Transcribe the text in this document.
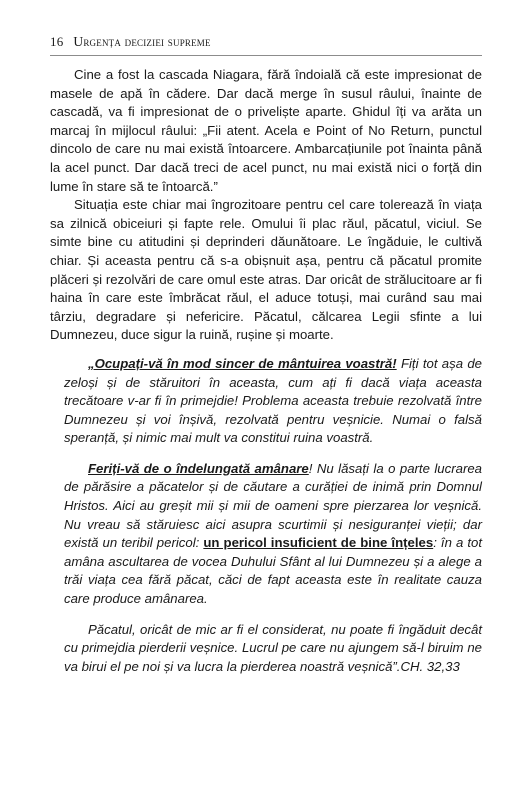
16 Urgența deciziei supreme

Cine a fost la cascada Niagara, fără îndoială că este impresionat de masele de apă în cădere. Dar dacă merge în susul râului, înainte de cascadă, va fi impresionat de o priveliște aparte. Ghidul îți va arăta un marcaj în mijlocul râului: „Fii atent. Acela e Point of No Return, punctul dincolo de care nu mai există întoarcere. Ambarcațiunile pot înainta până la acel punct. Dar dacă treci de acel punct, nu mai există nici o forță din lume în stare să te întoarcă.”

Situația este chiar mai îngrozitoare pentru cel care tolerează în viața sa zilnică obiceiuri și fapte rele. Omului îi plac răul, păcatul, viciul. Se simte bine cu atitudini și deprinderi dăunătoare. Le îngăduie, le cultivă chiar. Și aceasta pentru că s-a obișnuit așa, pentru că păcatul promite plăceri și rezolvări de care omul este atras. Dar oricât de strălucitoare ar fi haina în care este îmbrăcat răul, el aduce totuși, mai curând sau mai târziu, degradare și nefericire. Păcatul, călcarea Legii sfinte a lui Dumnezeu, duce sigur la ruină, rușine și moarte.

„Ocupați-vă în mod sincer de mântuirea voastră! Fiți tot așa de zeloși și de stăruitori în aceasta, cum ați fi dacă viața aceasta trecătoare v-ar fi în primejdie! Problema aceasta trebuie rezolvată între Dumnezeu și voi înșivă, rezolvată pentru veșnicie. Numai o falsă speranță, și nimic mai mult va constitui ruina voastră.

Feriți-vă de o îndelungată amânare! Nu lăsați la o parte lucrarea de părăsire a păcatelor și de căutare a curăției de inimă prin Domnul Hristos. Aici au greșit mii și mii de oameni spre pierzarea lor veșnică. Nu vreau să stăruiesc aici asupra scurtimii și nesiguranței vieții; dar există un teribil pericol: un pericol insuficient de bine înțeles: în a tot amâna ascultarea de vocea Duhului Sfânt al lui Dumnezeu și a alege a trăi viața cea fără păcat, căci de fapt aceasta este în realitate cauza care produce amânarea.

Păcatul, oricât de mic ar fi el considerat, nu poate fi îngăduit decât cu primejdia pierderii veșnice. Lucrul pe care nu ajungem să-l biruim ne va birui el pe noi și va lucra la pierderea noastră veșnică”.CH. 32,33
